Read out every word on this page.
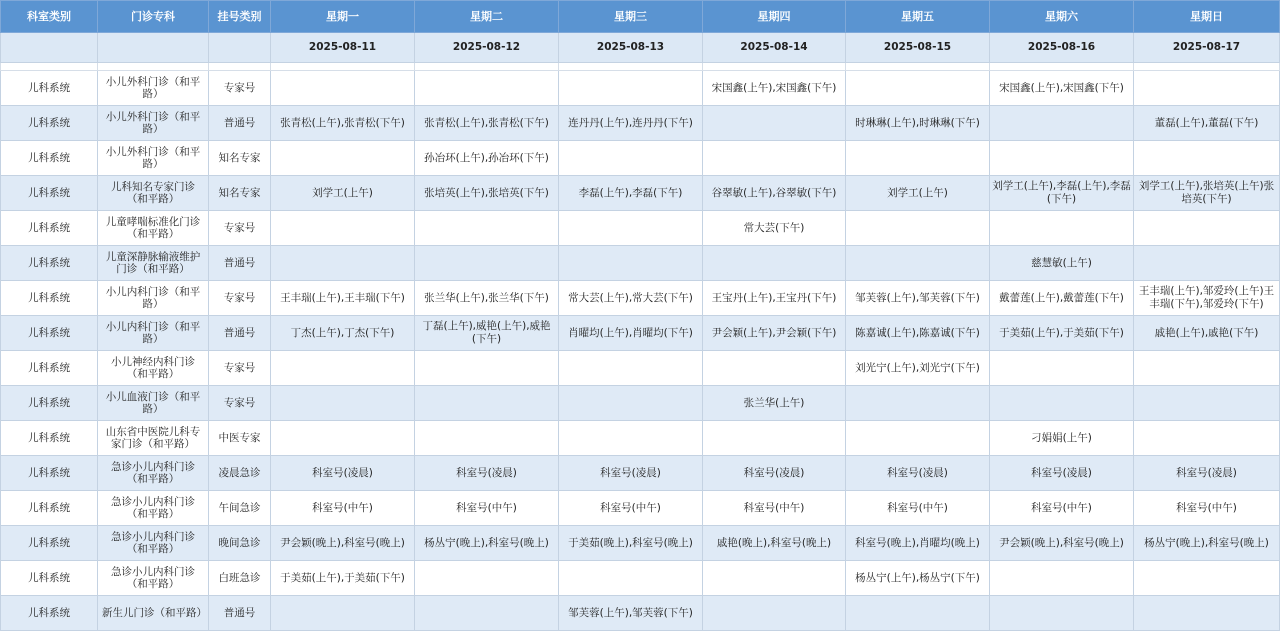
科室类别	门诊专科	挂号类别	星期一	星期二	星期三	星期四	星期五	星期六	星期日
			2025-08-11	2025-08-12	2025-08-13	2025-08-14	2025-08-15	2025-08-16	2025-08-17

儿科系统	小儿外科门诊（和平路）	专家号				宋国鑫(上午),宋国鑫(下午)		宋国鑫(上午),宋国鑫(下午)	
儿科系统	小儿外科门诊（和平路）	普通号	张青松(上午),张青松(下午)	张青松(上午),张青松(下午)	连丹丹(上午),连丹丹(下午)		时琳琳(上午),时琳琳(下午)		董磊(上午),董磊(下午)
儿科系统	小儿外科门诊（和平路）	知名专家		孙冶环(上午),孙冶环(下午)					
儿科系统	儿科知名专家门诊（和平路）	知名专家	刘学工(上午)	张培英(上午),张培英(下午)	李磊(上午),李磊(下午)	谷翠敏(上午),谷翠敏(下午)	刘学工(上午)	刘学工(上午),李磊(上午),李磊(下午)	刘学工(上午),张培英(上午)张培英(下午)
儿科系统	儿童哮喘标准化门诊（和平路）	专家号				常大芸(下午)			
儿科系统	儿童深静脉输液维护门诊（和平路）	普通号						慈慧敏(上午)	
儿科系统	小儿内科门诊（和平路）	专家号	王丰瑞(上午),王丰瑞(下午)	张兰华(上午),张兰华(下午)	常大芸(上午),常大芸(下午)	王宝丹(上午),王宝丹(下午)	邹芙蓉(上午),邹芙蓉(下午)	戴蕾莲(上午),戴蕾莲(下午)	王丰瑞(上午),邹爱玲(上午)王丰瑞(下午),邹爱玲(下午)
儿科系统	小儿内科门诊（和平路）	普通号	丁杰(上午),丁杰(下午)	丁磊(上午),威艳(上午),威艳(下午)	肖曜均(上午),肖曜均(下午)	尹会颖(上午),尹会颖(下午)	陈嘉诚(上午),陈嘉诚(下午)	于美茹(上午),于美茹(下午)	戚艳(上午),戚艳(下午)
儿科系统	小儿神经内科门诊（和平路）	专家号					刘光宁(上午),刘光宁(下午)		
儿科系统	小儿血液门诊（和平路）	专家号				张兰华(上午)			
儿科系统	山东省中医院儿科专家门诊（和平路）	中医专家						刁娟娟(上午)	
儿科系统	急诊小儿内科门诊（和平路）	凌晨急诊	科室号(凌晨)	科室号(凌晨)	科室号(凌晨)	科室号(凌晨)	科室号(凌晨)	科室号(凌晨)	科室号(凌晨)
儿科系统	急诊小儿内科门诊（和平路）	午间急诊	科室号(中午)	科室号(中午)	科室号(中午)	科室号(中午)	科室号(中午)	科室号(中午)	科室号(中午)
儿科系统	急诊小儿内科门诊（和平路）	晚间急诊	尹会颖(晚上),科室号(晚上)	杨丛宁(晚上),科室号(晚上)	于美茹(晚上),科室号(晚上)	戚艳(晚上),科室号(晚上)	科室号(晚上),肖曜均(晚上)	尹会颖(晚上),科室号(晚上)	杨丛宁(晚上),科室号(晚上)
儿科系统	急诊小儿内科门诊（和平路）	白班急诊	于美茹(上午),于美茹(下午)				杨丛宁(上午),杨丛宁(下午)		
儿科系统	新生儿门诊（和平路）	普通号			邹芙蓉(上午),邹芙蓉(下午)				
